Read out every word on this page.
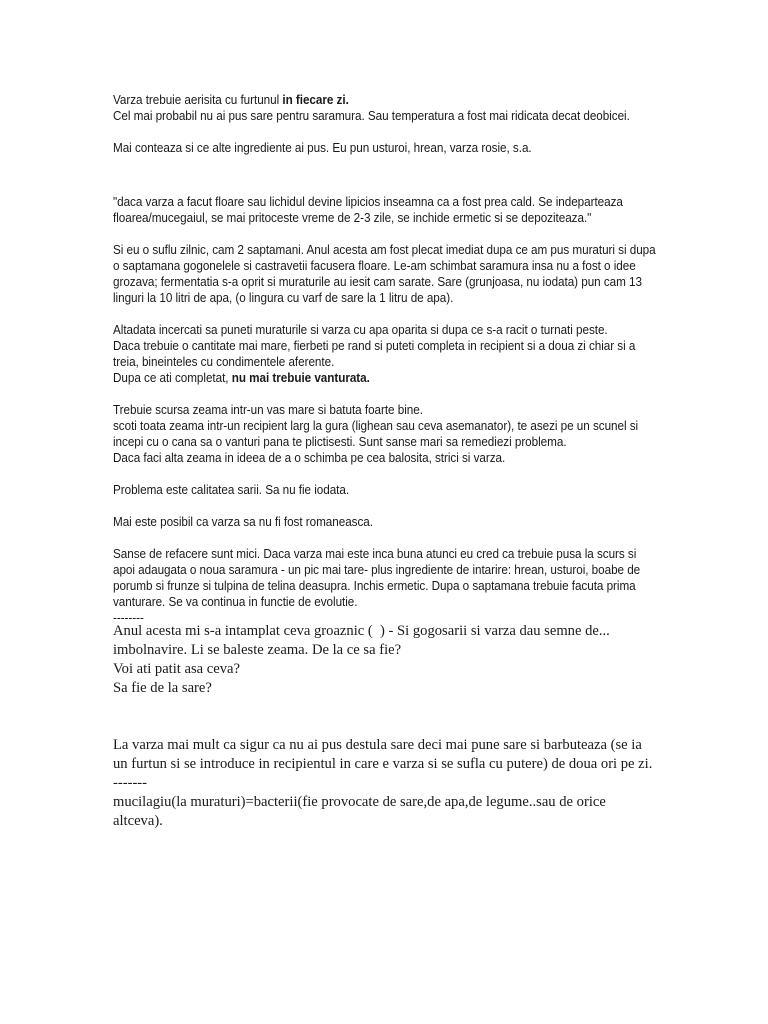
Varza trebuie aerisita cu furtunul in fiecare zi.
Cel mai probabil nu ai pus sare pentru saramura. Sau temperatura a fost mai ridicata decat deobicei.

Mai conteaza si ce alte ingrediente ai pus. Eu pun usturoi, hrean, varza rosie, s.a.

"daca varza a facut floare sau lichidul devine lipicios inseamna ca a fost prea cald. Se indeparteaza floarea/mucegaiul, se mai pritoceste vreme de 2-3 zile, se inchide ermetic si se depoziteaza."

Si eu o suflu zilnic, cam 2 saptamani. Anul acesta am fost plecat imediat dupa ce am pus muraturi si dupa o saptamana gogonelele si castravetii facusera floare. Le-am schimbat saramura insa nu a fost o idee grozava; fermentatia s-a oprit si muraturile au iesit cam sarate. Sare (grunjoasa, nu iodata) pun cam 13 linguri la 10 litri de apa, (o lingura cu varf de sare la 1 litru de apa).

Altadata incercati sa puneti muraturile si varza cu apa oparita si dupa ce s-a racit o turnati peste.
Daca trebuie o cantitate mai mare, fierbeti pe rand si puteti completa in recipient si a doua zi chiar si a treia, bineinteles cu condimentele aferente.
Dupa ce ati completat, nu mai trebuie vanturata.

Trebuie scursa zeama intr-un vas mare si batuta foarte bine.
scoti toata zeama intr-un recipient larg la gura (lighean sau ceva asemanator), te asezi pe un scunel si incepi cu o cana sa o vanturi pana te plictisesti. Sunt sanse mari sa remediezi problema.
Daca faci alta zeama in ideea de a o schimba pe cea balosita, strici si varza.

Problema este calitatea sarii. Sa nu fie iodata.

Mai este posibil ca varza sa nu fi fost romaneasca.

Sanse de refacere sunt mici. Daca varza mai este inca buna atunci eu cred ca trebuie pusa la scurs si apoi adaugata o noua saramura - un pic mai tare- plus ingrediente de intarire: hrean, usturoi, boabe de porumb si frunze si tulpina de telina deasupra. Inchis ermetic. Dupa o saptamana trebuie facuta prima vanturare. Se va continua in functie de evolutie.

--------

Anul acesta mi s-a intamplat ceva groaznic (  ) - Si gogosarii si varza dau semne de... imbolnavire. Li se baleste zeama. De la ce sa fie?
Voi ati patit asa ceva?
Sa fie de la sare?

La varza mai mult ca sigur ca nu ai pus destula sare deci mai pune sare si barbuteaza (se ia un furtun si se introduce in recipientul in care e varza si se sufla cu putere) de doua ori pe zi.

-------

mucilagiu(la muraturi)=bacterii(fie provocate de sare,de apa,de legume..sau de orice altceva).
